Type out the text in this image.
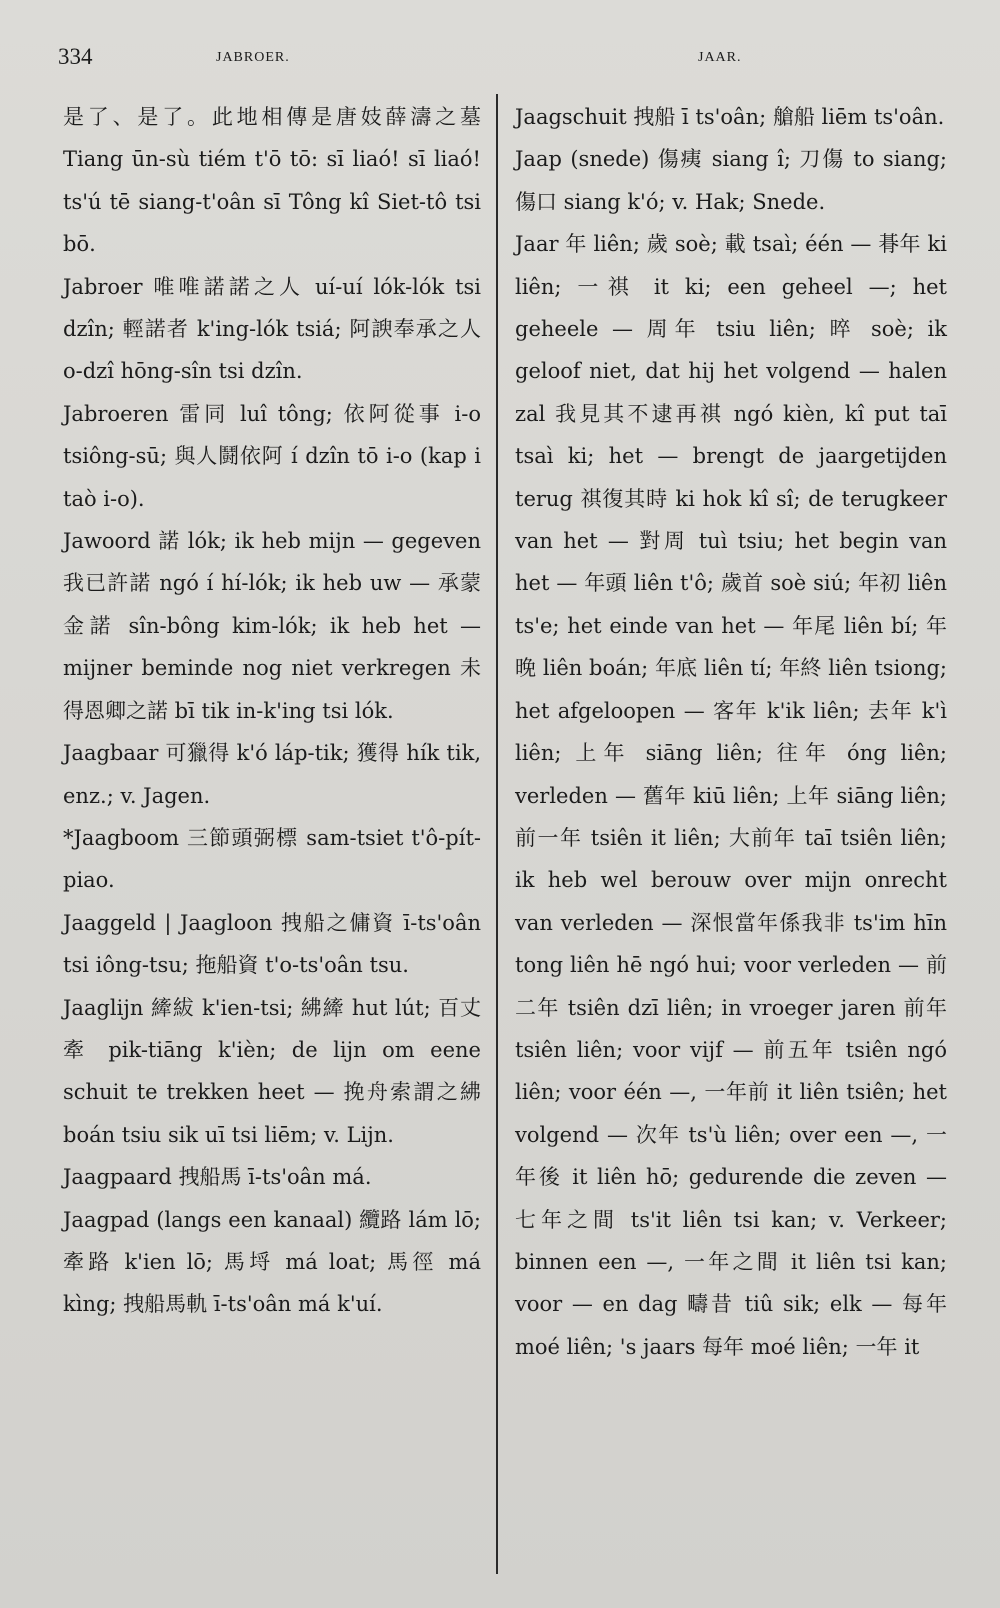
334	JABROER.	JAAR.

是了、是了。此地相傳是唐妓薛濤之墓 Tiang ūn-sù tiém t'ō tō: sī liaó! sī liaó! ts'ú tē siang-t'oân sī Tông kî Siet-tô tsi bō.

Jabroer 唯唯諾諾之人 uí-uí lók-lók tsi dzîn; 輕諾者 k'ing-lók tsiá; 阿諛奉承之人 o-dzî hōng-sîn tsi dzîn.

Jabroeren 雷同 luî tông; 依阿從事 i-o tsiông-sū; 與人鬪依阿 í dzîn tō i-o (kap i taò i-o).

Jawoord 諾 lók; ik heb mijn — gegeven 我已許諾 ngó í hí-lók; ik heb uw — 承蒙金諾 sîn-bông kim-lók; ik heb het — mijner beminde nog niet verkregen 未得恩卿之諾 bī tik in-k'ing tsi lók.

Jaagbaar 可獵得 k'ó láp-tik; 獲得 hík tik, enz.; v. Jagen.

*Jaagboom 三節頭弼標 sam-tsiet t'ô-pít-piao.

Jaaggeld | Jaagloon 拽船之傭資 ī-ts'oân tsi iông-tsu; 拖船資 t'o-ts'oân tsu.

Jaaglijn 縴紱 k'ien-tsi; 紼縴 hut lút; 百丈牽 pik-tiāng k'ièn; de lijn om eene schuit te trekken heet — 挽舟索謂之紼 boán tsiu sik uī tsi liēm; v. Lijn.

Jaagpaard 拽船馬 ī-ts'oân má.

Jaagpad (langs een kanaal) 纜路 lám lō; 牽路 k'ien lō; 馬埒 má loat; 馬徑 má kìng; 拽船馬軌 ī-ts'oân má k'uí.

Jaagschuit 拽船 ī ts'oân; 艙船 liēm ts'oân.

Jaap (snede) 傷痍 siang î; 刀傷 to siang; 傷口 siang k'ó; v. Hak; Snede.

Jaar 年 liên; 歲 soè; 載 tsaì; één — 朞年 ki liên; 一祺 it ki; een geheel —; het geheele — 周年 tsiu liên; 晬 soè; ik geloof niet, dat hij het volgend — halen zal 我見其不逮再祺 ngó kièn, kî put taī tsaì ki; het — brengt de jaargetijden terug 祺復其時 ki hok kî sî; de terugkeer van het — 對周 tuì tsiu; het begin van het — 年頭 liên t'ô; 歲首 soè siú; 年初 liên ts'e; het einde van het — 年尾 liên bí; 年晚 liên boán; 年底 liên tí; 年終 liên tsiong; het afgeloopen — 客年 k'ik liên; 去年 k'ì liên; 上年 siāng liên; 往年 óng liên; verleden — 舊年 kiū liên; 上年 siāng liên; 前一年 tsiên it liên; 大前年 taī tsiên liên; ik heb wel berouw over mijn onrecht van verleden — 深恨當年係我非 ts'im hīn tong liên hē ngó hui; voor verleden — 前二年 tsiên dzī liên; in vroeger jaren 前年 tsiên liên; voor vijf — 前五年 tsiên ngó liên; voor één —, 一年前 it liên tsiên; het volgend — 次年 ts'ù liên; over een —, 一年後 it liên hō; gedurende die zeven — 七年之間 ts'it liên tsi kan; v. Verkeer; binnen een —, 一年之間 it liên tsi kan; voor — en dag 疇昔 tiû sik; elk — 每年 moé liên; 's jaars 每年 moé liên; 一年 it
